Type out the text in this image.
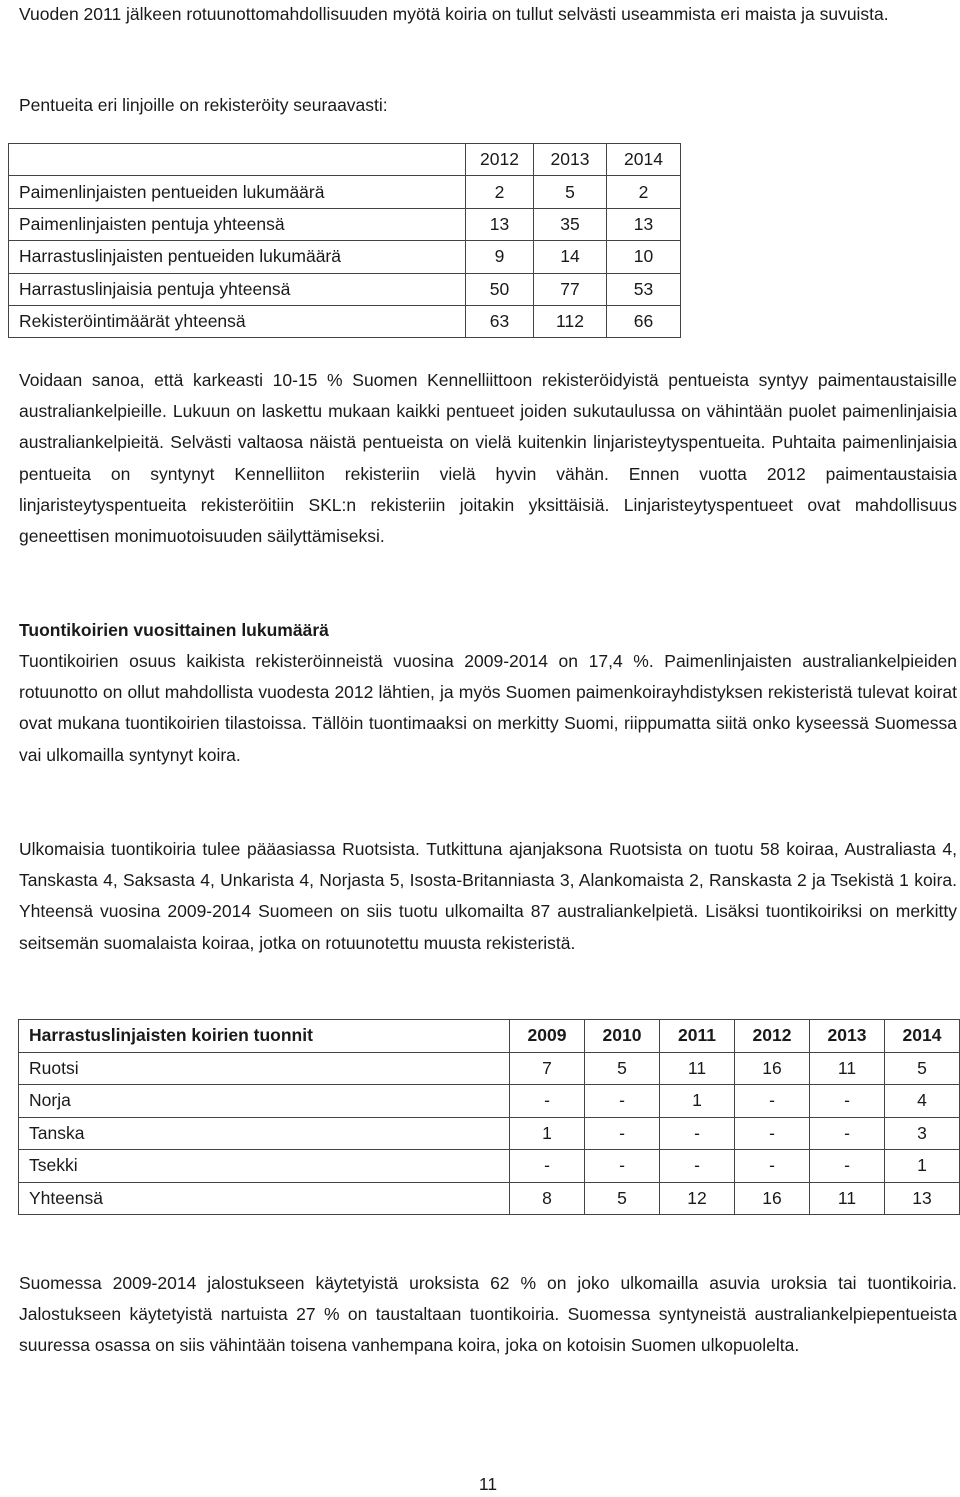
Vuoden 2011 jälkeen rotuunottomahdollisuuden myötä koiria on tullut selvästi useammista eri maista ja suvuista.

Pentueita eri linjoille on rekisteröity seuraavasti:

	2012	2013	2014
Paimenlinjaisten pentueiden lukumäärä	2	5	2
Paimenlinjaisten pentuja yhteensä	13	35	13
Harrastuslinjaisten pentueiden lukumäärä	9	14	10
Harrastuslinjaisia pentuja yhteensä	50	77	53
Rekisteröintimäärät yhteensä	63	112	66

Voidaan sanoa, että karkeasti 10-15 % Suomen Kennelliittoon rekisteröidyistä pentueista syntyy paimentaustaisille australiankelpieille. Lukuun on laskettu mukaan kaikki pentueet joiden sukutaulussa on vähintään puolet paimenlinjaisia australiankelpieitä. Selvästi valtaosa näistä pentueista on vielä kuitenkin linjaristeytyspentueita. Puhtaita paimenlinjaisia pentueita on syntynyt Kennelliiton rekisteriin vielä hyvin vähän. Ennen vuotta 2012 paimentaustaisia linjaristeytyspentueita rekisteröitiin SKL:n rekisteriin joitakin yksittäisiä. Linjaristeytyspentueet ovat mahdollisuus geneettisen monimuotoisuuden säilyttämiseksi.

Tuontikoirien vuosittainen lukumäärä

Tuontikoirien osuus kaikista rekisteröinneistä vuosina 2009-2014 on 17,4 %. Paimenlinjaisten australiankelpieiden rotuunotto on ollut mahdollista vuodesta 2012 lähtien, ja myös Suomen paimenkoirayhdistyksen rekisteristä tulevat koirat ovat mukana tuontikoirien tilastoissa. Tällöin tuontimaaksi on merkitty Suomi, riippumatta siitä onko kyseessä Suomessa vai ulkomailla syntynyt koira.

Ulkomaisia tuontikoiria tulee pääasiassa Ruotsista. Tutkittuna ajanjaksona Ruotsista on tuotu 58 koiraa, Australiasta 4, Tanskasta 4, Saksasta 4, Unkarista 4, Norjasta 5, Isosta-Britanniasta 3, Alankomaista 2, Ranskasta 2 ja Tsekistä 1 koira. Yhteensä vuosina 2009-2014 Suomeen on siis tuotu ulkomailta 87 australiankelpietä. Lisäksi tuontikoiriksi on merkitty seitsemän suomalaista koiraa, jotka on rotuunotettu muusta rekisteristä.

Harrastuslinjaisten koirien tuonnit	2009	2010	2011	2012	2013	2014
Ruotsi	7	5	11	16	11	5
Norja	-	-	1	-	-	4
Tanska	1	-	-	-	-	3
Tsekki	-	-	-	-	-	1
Yhteensä	8	5	12	16	11	13

Suomessa 2009-2014 jalostukseen käytetyistä uroksista 62 % on joko ulkomailla asuvia uroksia tai tuontikoiria. Jalostukseen käytetyistä nartuista 27 % on taustaltaan tuontikoiria. Suomessa syntyneistä australiankelpiepentueista suuressa osassa on siis vähintään toisena vanhempana koira, joka on kotoisin Suomen ulkopuolelta.

11
